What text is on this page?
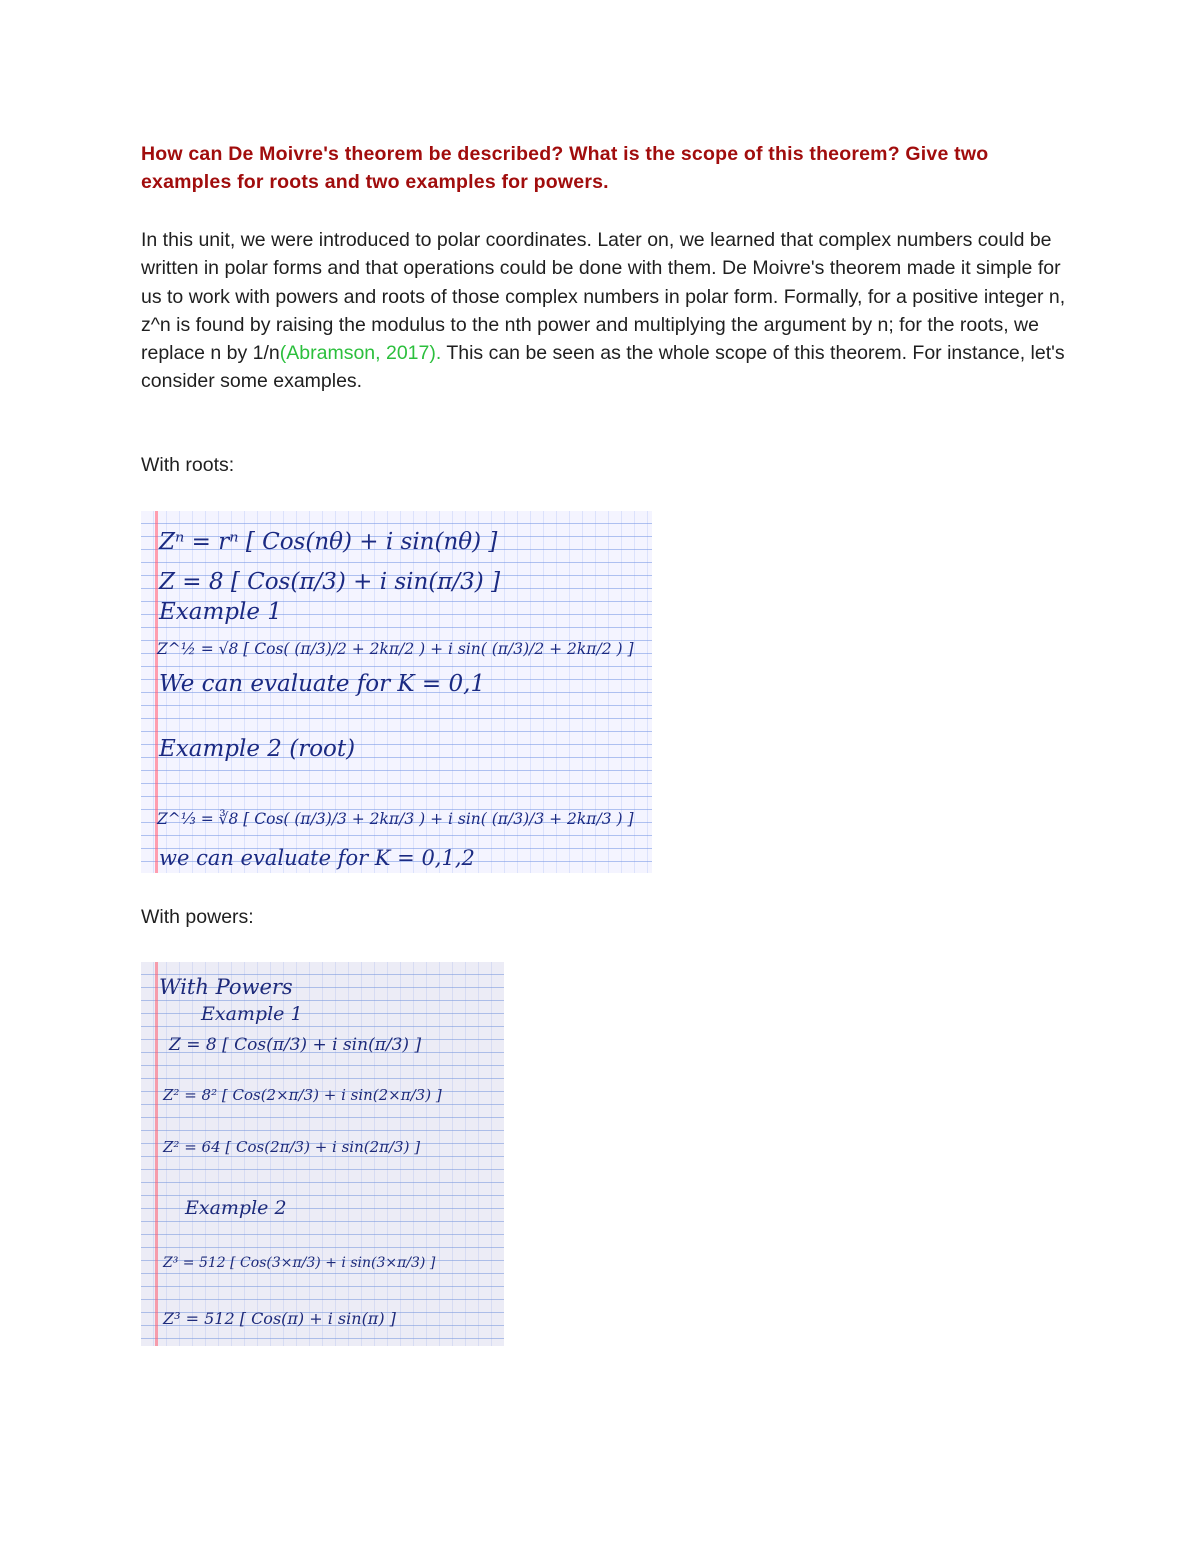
How can De Moivre's theorem be described? What is the scope of this theorem? Give two examples for roots and two examples for powers.
In this unit, we were introduced to polar coordinates. Later on, we learned that complex numbers could be written in polar forms and that operations could be done with them. De Moivre's theorem made it simple for us to work with powers and roots of those complex numbers in polar form. Formally, for a positive integer n, z^n is found by raising the modulus to the nth power and multiplying the argument by n; for the roots, we replace n by 1/n(Abramson, 2017). This can be seen as the whole scope of this theorem. For instance, let's consider some examples.
With roots:
Zⁿ = rⁿ [ Cos(nθ) + i sin(nθ) ]
Z = 8 [ Cos(π/3) + i sin(π/3) ]
Example 1
Z^½ = √8 [ Cos( (π/3)/2 + 2kπ/2 ) + i sin( (π/3)/2 + 2kπ/2 ) ]
We can evaluate for K = 0,1
Example 2 (root)
Z^⅓ = ∛8 [ Cos( (π/3)/3 + 2kπ/3 ) + i sin( (π/3)/3 + 2kπ/3 ) ]
we can evaluate for K = 0,1,2
With powers:
With Powers
Example 1
Z = 8 [ Cos(π/3) + i sin(π/3) ]
Z² = 8² [ Cos(2×π/3) + i sin(2×π/3) ]
Z² = 64 [ Cos(2π/3) + i sin(2π/3) ]
Example 2
Z³ = 512 [ Cos(3×π/3) + i sin(3×π/3) ]
Z³ = 512 [ Cos(π) + i sin(π) ]
